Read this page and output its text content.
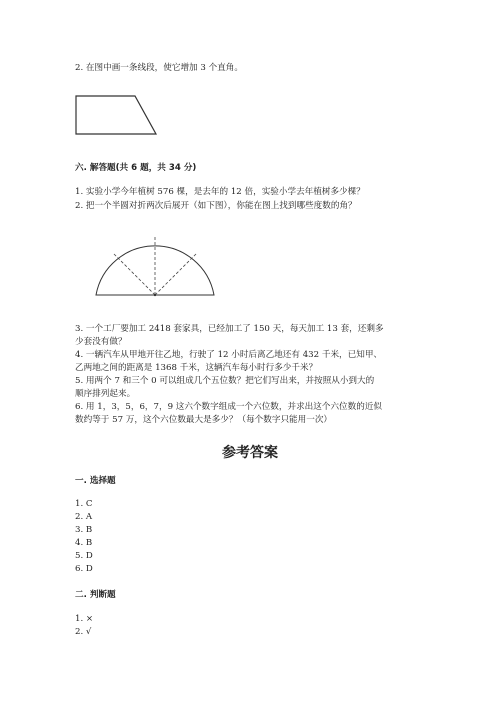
2. 在图中画一条线段，使它增加 3 个直角。
六. 解答题(共 6 题，共 34 分)
1. 实验小学今年植树 576 棵，是去年的 12 倍，实验小学去年植树多少棵？
2. 把一个半圆对折两次后展开（如下图），你能在图上找到哪些度数的角？
3. 一个工厂要加工 2418 套家具，已经加工了 150 天，每天加工 13 套，还剩多
少套没有做？
4. 一辆汽车从甲地开往乙地，行驶了 12 小时后离乙地还有 432 千米，已知甲、
乙两地之间的距离是 1368 千米，这辆汽车每小时行多少千米？
5. 用两个 7 和三个 0 可以组成几个五位数？把它们写出来，并按照从小到大的
顺序排列起来。
6. 用 1，3，5，6，7，9 这六个数字组成一个六位数，并求出这个六位数的近似
数约等于 57 万，这个六位数最大是多少？（每个数字只能用一次）
参考答案
一. 选择题
1. C
2. A
3. B
4. B
5. D
6. D
二. 判断题
1. ×
2. √
